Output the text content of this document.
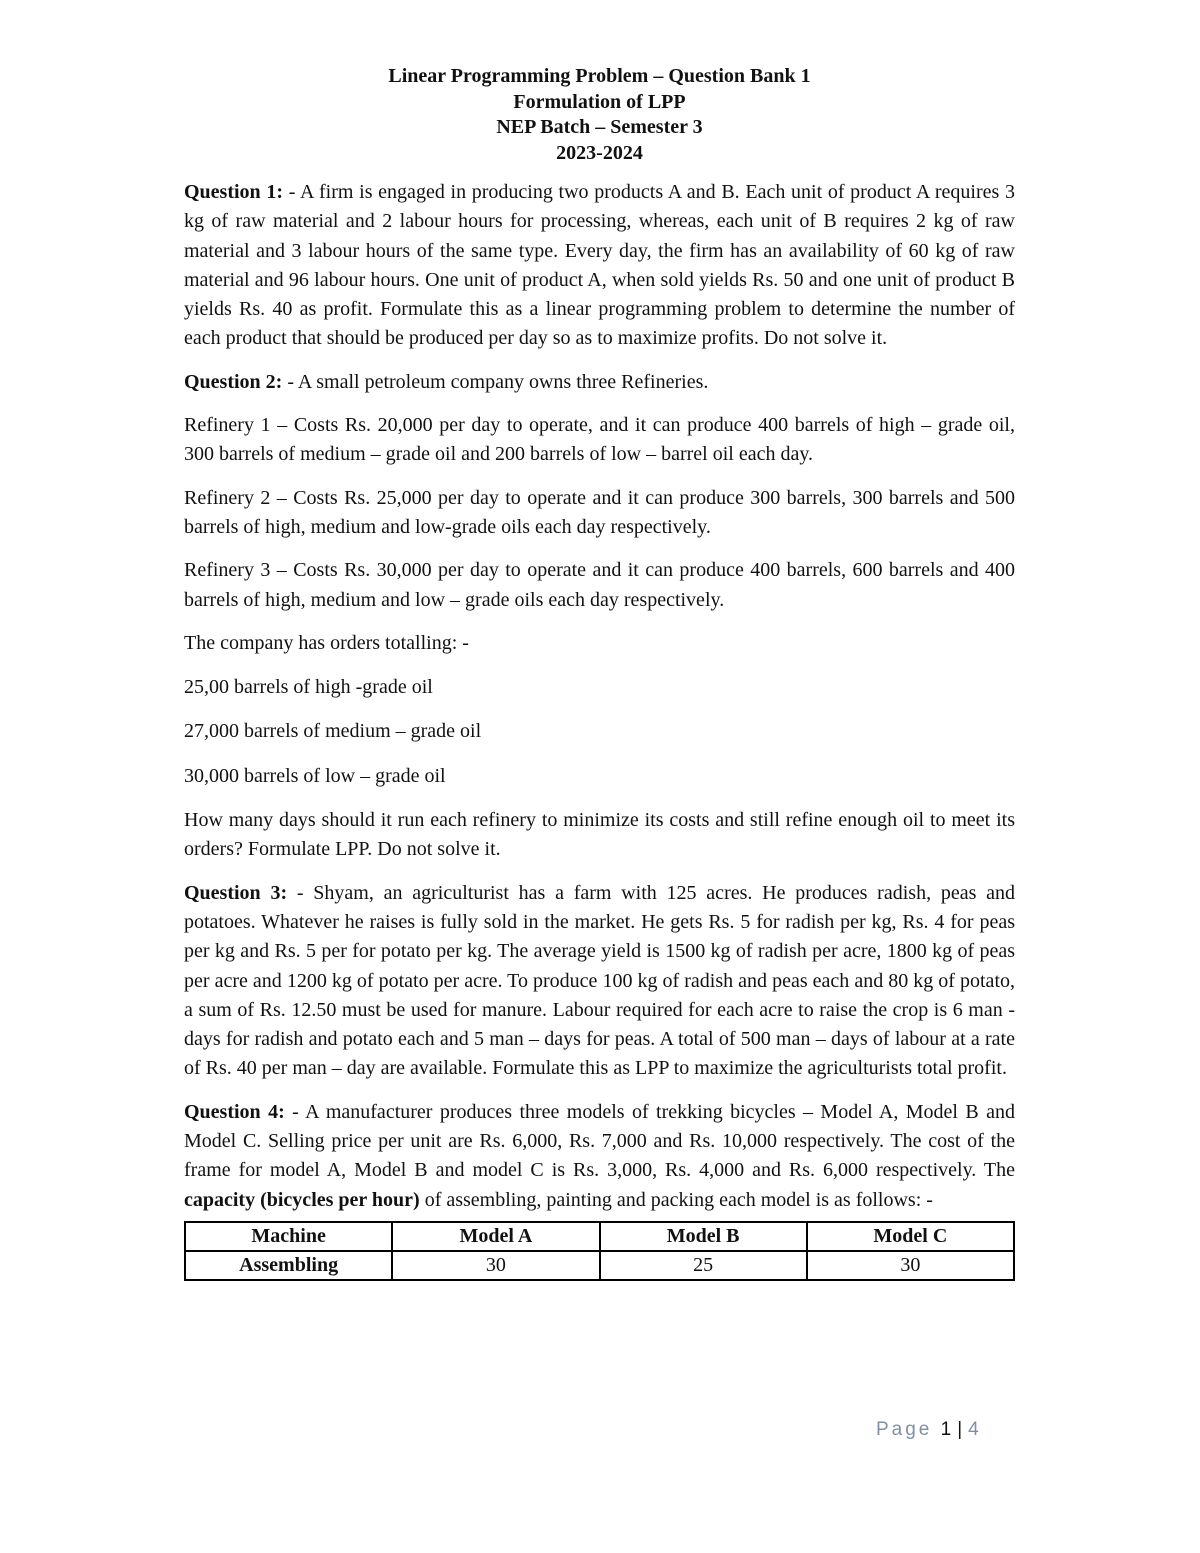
Linear Programming Problem – Question Bank 1
Formulation of LPP
NEP Batch – Semester 3
2023-2024

Question 1: - A firm is engaged in producing two products A and B. Each unit of product A requires 3 kg of raw material and 2 labour hours for processing, whereas, each unit of B requires 2 kg of raw material and 3 labour hours of the same type. Every day, the firm has an availability of 60 kg of raw material and 96 labour hours. One unit of product A, when sold yields Rs. 50 and one unit of product B yields Rs. 40 as profit. Formulate this as a linear programming problem to determine the number of each product that should be produced per day so as to maximize profits. Do not solve it.

Question 2: - A small petroleum company owns three Refineries.

Refinery 1 – Costs Rs. 20,000 per day to operate, and it can produce 400 barrels of high – grade oil, 300 barrels of medium – grade oil and 200 barrels of low – barrel oil each day.

Refinery 2 – Costs Rs. 25,000 per day to operate and it can produce 300 barrels, 300 barrels and 500 barrels of high, medium and low-grade oils each day respectively.

Refinery 3 – Costs Rs. 30,000 per day to operate and it can produce 400 barrels, 600 barrels and 400 barrels of high, medium and low – grade oils each day respectively.

The company has orders totalling: -

25,00 barrels of high -grade oil

27,000 barrels of medium – grade oil

30,000 barrels of low – grade oil

How many days should it run each refinery to minimize its costs and still refine enough oil to meet its orders? Formulate LPP. Do not solve it.

Question 3: - Shyam, an agriculturist has a farm with 125 acres. He produces radish, peas and potatoes. Whatever he raises is fully sold in the market. He gets Rs. 5 for radish per kg, Rs. 4 for peas per kg and Rs. 5 per for potato per kg. The average yield is 1500 kg of radish per acre, 1800 kg of peas per acre and 1200 kg of potato per acre. To produce 100 kg of radish and peas each and 80 kg of potato, a sum of Rs. 12.50 must be used for manure. Labour required for each acre to raise the crop is 6 man -days for radish and potato each and 5 man – days for peas. A total of 500 man – days of labour at a rate of Rs. 40 per man – day are available. Formulate this as LPP to maximize the agriculturists total profit.

Question 4: - A manufacturer produces three models of trekking bicycles – Model A, Model B and Model C. Selling price per unit are Rs. 6,000, Rs. 7,000 and Rs. 10,000 respectively. The cost of the frame for model A, Model B and model C is Rs. 3,000, Rs. 4,000 and Rs. 6,000 respectively. The capacity (bicycles per hour) of assembling, painting and packing each model is as follows: -

Machine	Model A	Model B	Model C
Assembling	30	25	30
Page 1 | 4
